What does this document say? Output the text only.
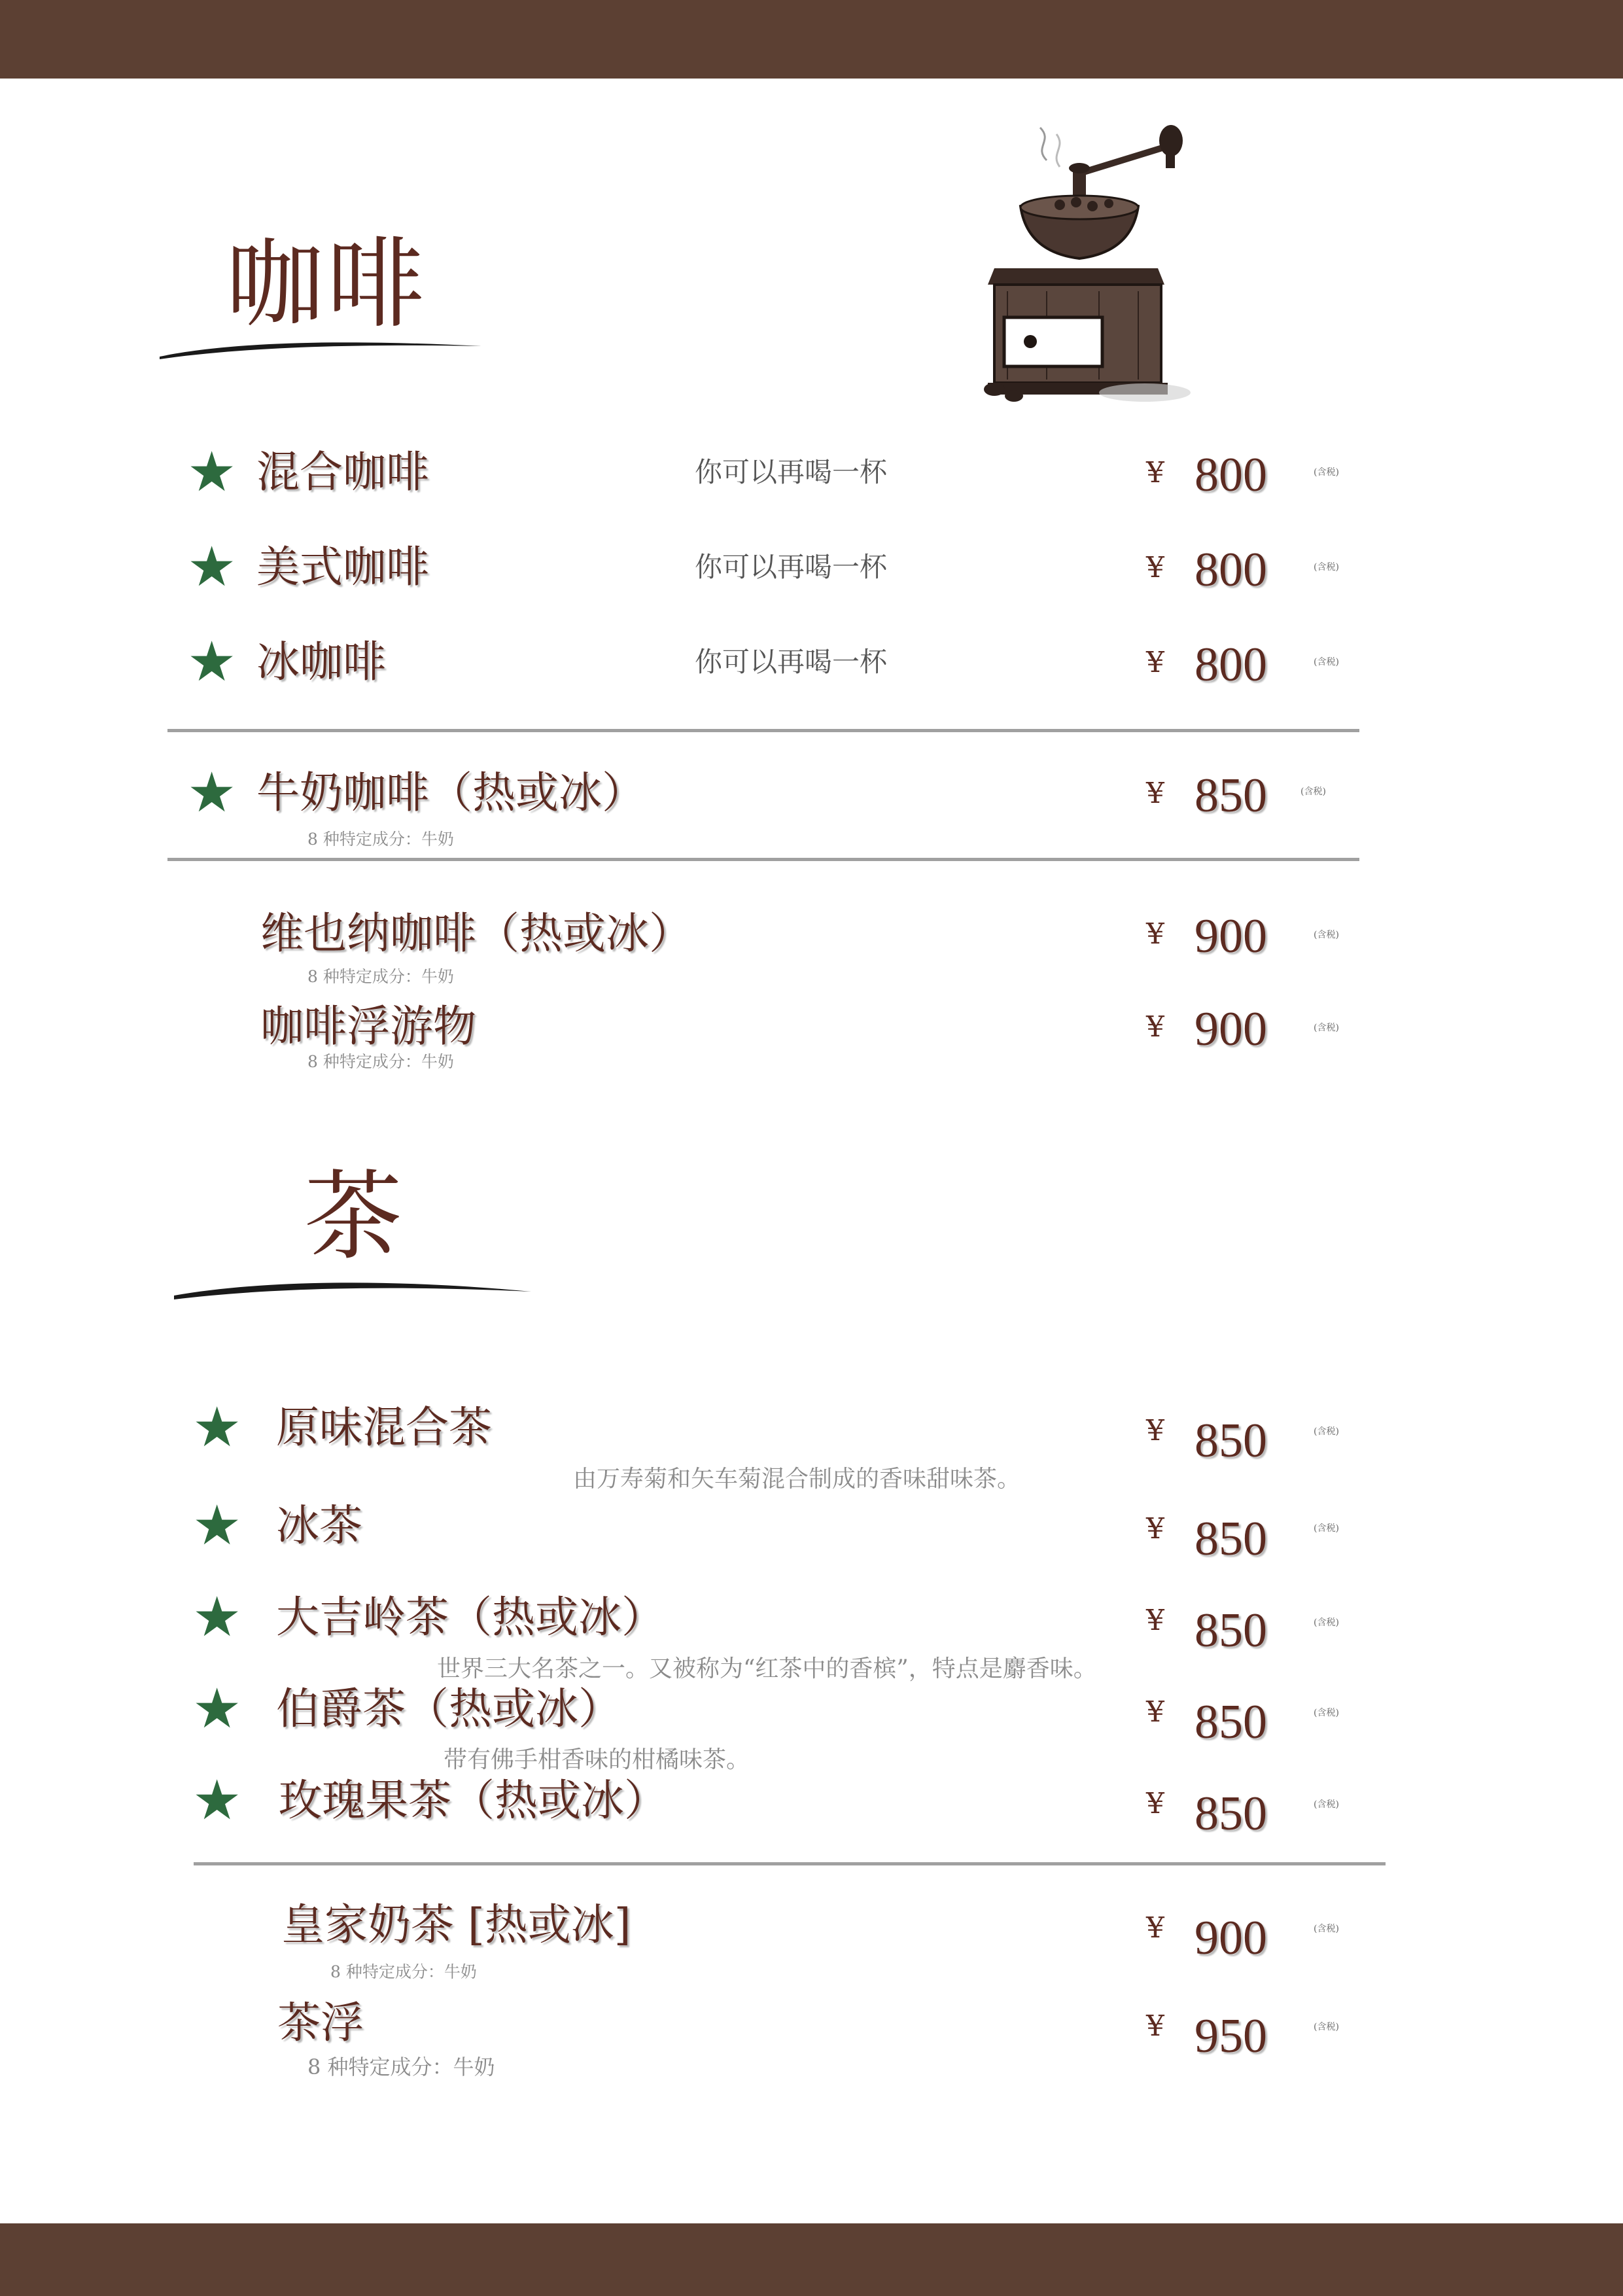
咖啡
★ 混合咖啡	你可以再喝一杯	¥ 800	(含税)
★ 美式咖啡	你可以再喝一杯	¥ 800	(含税)
★ 冰咖啡	你可以再喝一杯	¥ 800	(含税)
★ 牛奶咖啡（热或冰）
8 种特定成分：牛奶
¥ 850	(含税)
维也纳咖啡（热或冰）
8 种特定成分：牛奶
¥ 900	(含税)
咖啡浮游物
8 种特定成分：牛奶
¥ 900	(含税)
茶
★ 原味混合茶	¥ 850	(含税)
由万寿菊和矢车菊混合制成的香味甜味茶。
★ 冰茶	¥ 850	(含税)
★ 大吉岭茶（热或冰）	¥ 850	(含税)
世界三大名茶之一。又被称为“红茶中的香槟”，特点是麝香味。
★ 伯爵茶（热或冰）	¥ 850	(含税)
带有佛手柑香味的柑橘味茶。
★ 玫瑰果茶（热或冰）	¥ 850	(含税)
皇家奶茶 [热或冰]
8 种特定成分：牛奶
¥ 900	(含税)
茶浮
8 种特定成分：牛奶
¥ 950	(含税)
